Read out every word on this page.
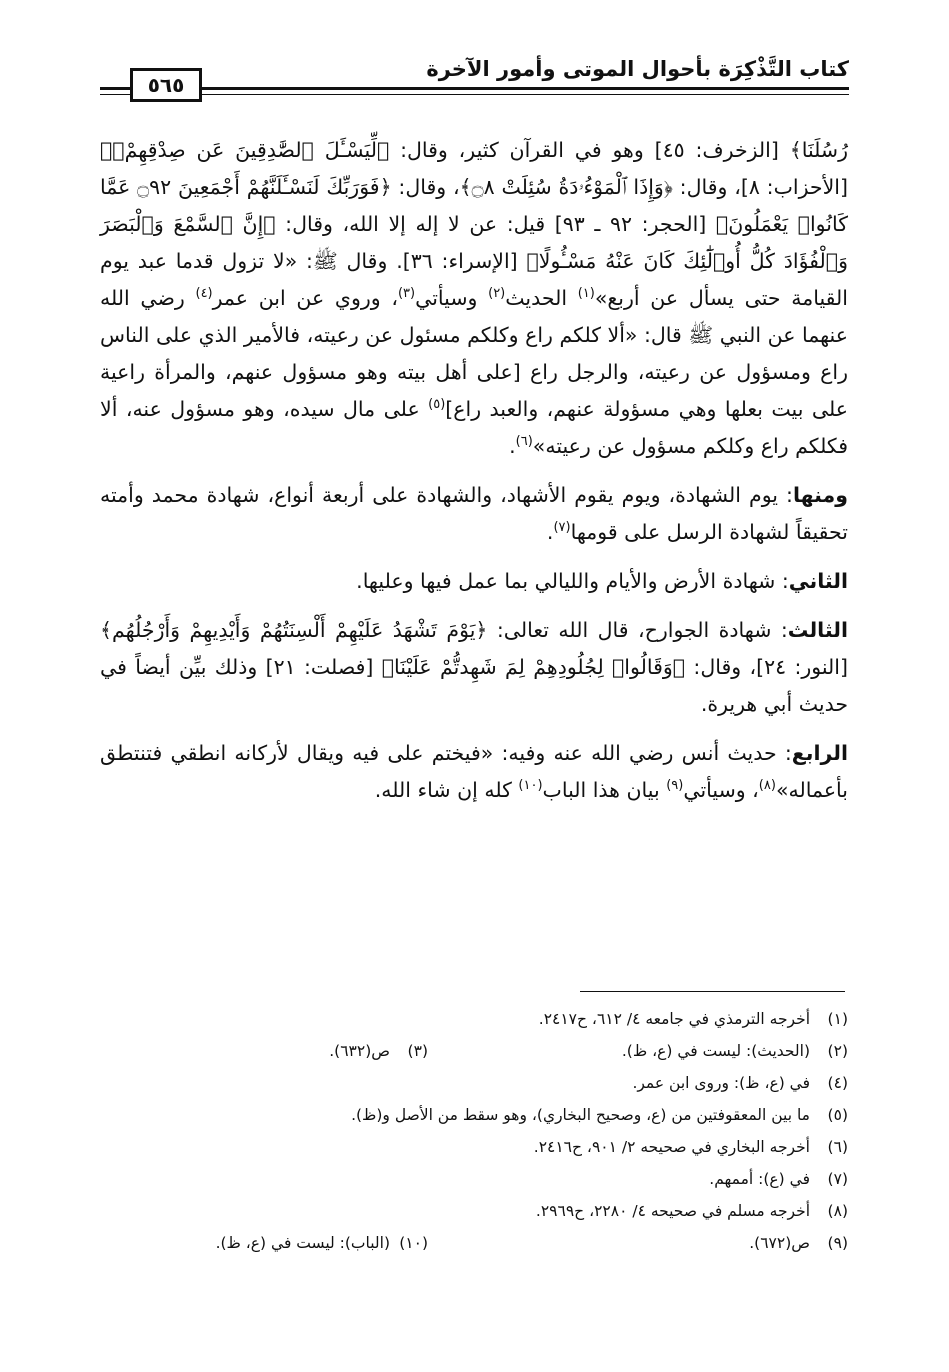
كتاب التَّذْكِرَة بأحوال الموتى وأمور الآخرة
٥٦٥
رُسُلَنَا﴾ [الزخرف: ٤٥] وهو في القرآن كثير، وقال: ﴿لِّيَسْـَٔلَ ٱلصَّٰدِقِينَ عَن صِدْقِهِمْۚ﴾ [الأحزاب: ٨]، وقال: ﴿وَإِذَا ٱلْمَوْءُۥدَةُ سُئِلَتْ ۝٨﴾، وقال: ﴿فَوَرَبِّكَ لَنَسْـَٔلَنَّهُمْ أَجْمَعِينَ ۝٩٢ عَمَّا كَانُوا۟ يَعْمَلُونَ﴾ [الحجر: ٩٢ ـ ٩٣] قيل: عن لا إله إلا الله، وقال: ﴿إِنَّ ٱلسَّمْعَ وَٱلْبَصَرَ وَٱلْفُؤَادَ كُلُّ أُو۟لَٰٓئِكَ كَانَ عَنْهُ مَسْـُٔولًا﴾ [الإسراء: ٣٦]. وقال ﷺ: «لا تزول قدما عبد يوم القيامة حتى يسأل عن أربع»$^{(١)}$ الحديث$^{(٢)}$ وسيأتي$^{(٣)}$، وروي عن ابن عمر$^{(٤)}$ رضي الله عنهما عن النبي ﷺ قال: «ألا كلكم راع وكلكم مسئول عن رعيته، فالأمير الذي على الناس راع ومسؤول عن رعيته، والرجل راع [على أهل بيته وهو مسؤول عنهم، والمرأة راعية على بيت بعلها وهي مسؤولة عنهم، والعبد راع]$^{(٥)}$ على مال سيده، وهو مسؤول عنه، ألا فكلكم راع وكلكم مسؤول عن رعيته»$^{(٦)}$.
ومنها: يوم الشهادة، ويوم يقوم الأشهاد، والشهادة على أربعة أنواع، شهادة محمد وأمته تحقيقاً لشهادة الرسل على قومها$^{(٧)}$.
الثاني: شهادة الأرض والأيام والليالي بما عمل فيها وعليها.
الثالث: شهادة الجوارح، قال الله تعالى: ﴿يَوْمَ تَشْهَدُ عَلَيْهِمْ أَلْسِنَتُهُمْ وَأَيْدِيهِمْ وَأَرْجُلُهُم﴾ [النور: ٢٤]، وقال: ﴿وَقَالُوا۟ لِجُلُودِهِمْ لِمَ شَهِدتُّمْ عَلَيْنَا﴾ [فصلت: ٢١] وذلك بيِّن أيضاً في حديث أبي هريرة.
الرابع: حديث أنس رضي الله عنه وفيه: «فيختم على فيه ويقال لأركانه انطقي فتنتطق بأعماله»$^{(٨)}$، وسيأتي$^{(٩)}$ بيان هذا الباب$^{(١٠)}$ كله إن شاء الله.
(١)أخرجه الترمذي في جامعه ٤/ ٦١٢، ح٢٤١٧.
(٢)(الحديث): ليست في (ع، ظ).
(٣)ص(٦٣٢).
(٤)في (ع، ظ): وروى ابن عمر.
(٥)ما بين المعقوفتين من (ع، وصحيح البخاري)، وهو سقط من الأصل و(ظ).
(٦)أخرجه البخاري في صحيحه ٢/ ٩٠١، ح٢٤١٦.
(٧)في (ع): أممهم.
(٨)أخرجه مسلم في صحيحه ٤/ ٢٢٨٠، ح٢٩٦٩.
(٩)ص(٦٧٢).
(١٠)(الباب): ليست في (ع، ظ).
